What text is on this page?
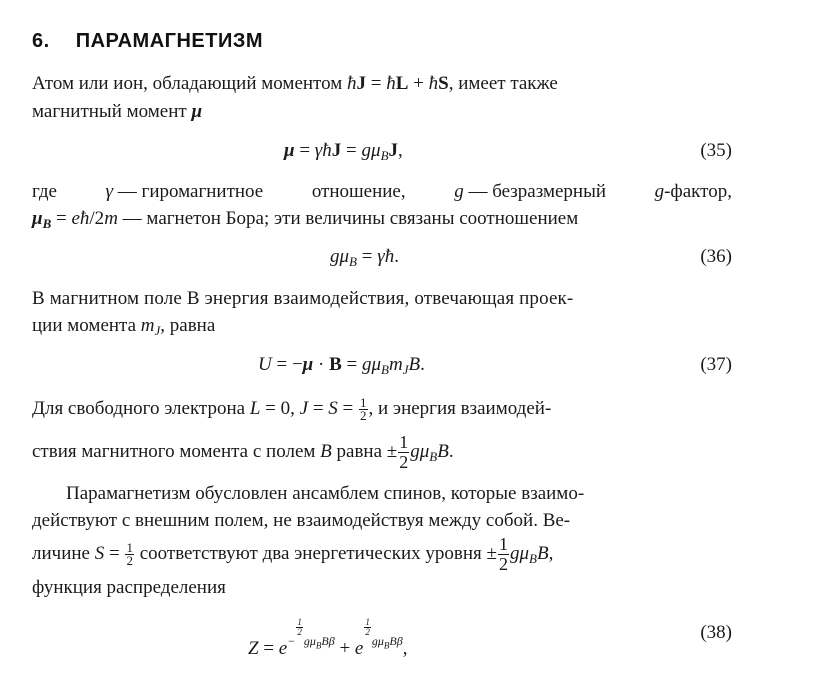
6. ПАРАМАГНЕТИЗМ
Атом или ион, обладающий моментом ħJ = ħL + ħS, имеет также
магнитный момент μ
μ = γħJ = $g\mu_BJ$,	(35)
где	γ — гиромагнитное	отношение,	g — безразмерный	g-фактор,
$\mu_B$ = eħ/2m — магнетон Бора; эти величины связаны соотношением
$g\mu_B$ = γħ.	(36)
В магнитном поле B энергия взаимодействия, отвечающая проек-
ции момента $m_J$, равна
$U = -\mu \cdot B = g\mu_Bm_JB$.	(37)
Для свободного электрона L = 0, $J = S = \frac{1}{2}$ , и энергия взаимодей-
ствия магнитного момента с полем B равна ± $\frac{1}{2} g\mu_BB$.
Парамагнетизм обусловлен ансамблем спинов, которые взаимо-
действуют с внешним полем, не взаимодействуя между собой. Ве-
личине $S = \frac{1}{2}$ соответствуют два энергетических уровня ± $\frac{1}{2} g\mu_BB$,
функция распределения
$Z = e^{- \frac{1}{2} g\mu_BB\beta} + e$
$^{\frac{1}{2} g\mu_BB\beta}$,
(38)
